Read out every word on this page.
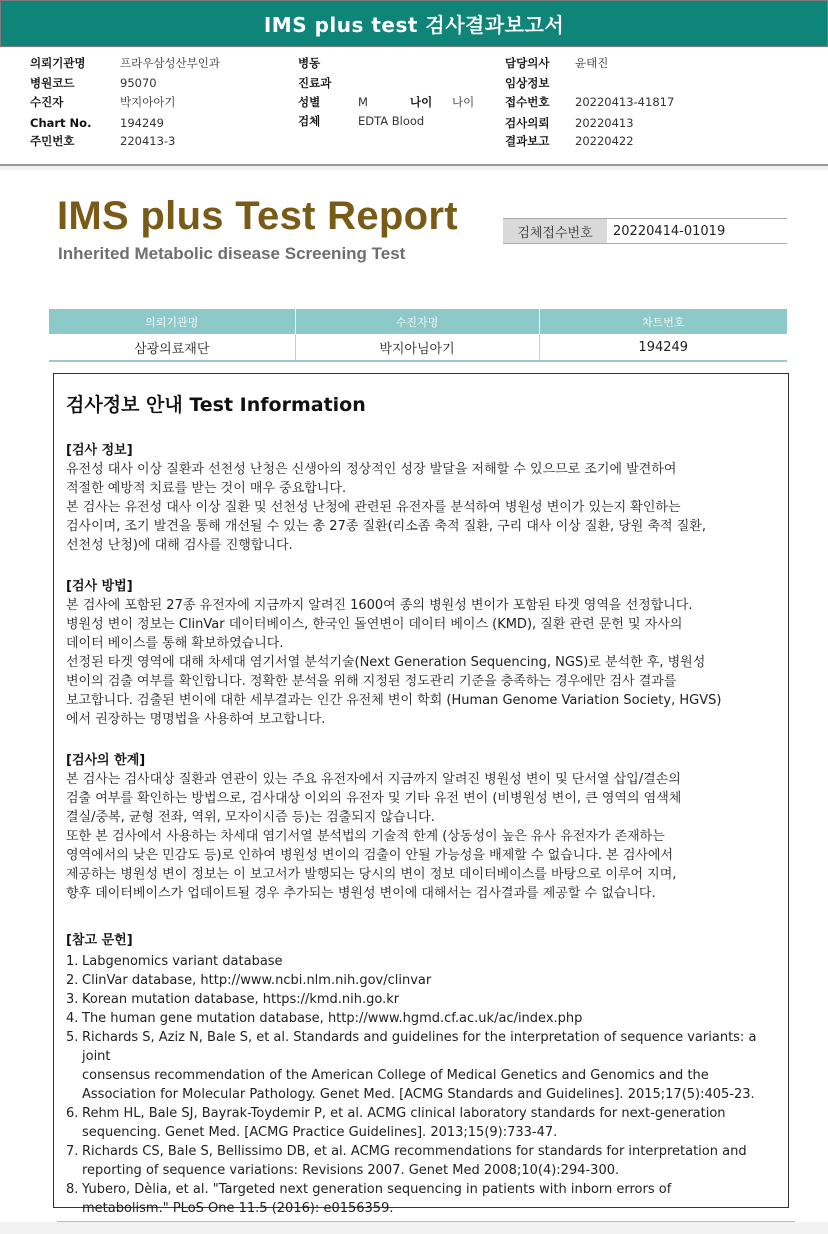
IMS plus test 검사결과보고서
의뢰기관명	프라우삼성산부인과
병원코드	95070
수진자	박지아아기
Chart No.	194249
주민번호	220413-3
병동
진료과
성별	M	나이	나이
검체	EDTA Blood
담당의사	윤태진
임상정보
접수번호	20220413-41817
검사의뢰	20220413
결과보고	20220422
IMS plus Test Report
Inherited Metabolic disease Screening Test
검체접수번호	20220414-01019
의뢰기관명	수진자명	차트번호
삼광의료재단	박지아님아기	194249
검사정보 안내 Test Information
[검사 정보]
유전성 대사 이상 질환과 선천성 난청은 신생아의 정상적인 성장 발달을 저해할 수 있으므로 조기에 발견하여
적절한 예방적 치료를 받는 것이 매우 중요합니다.
본 검사는 유전성 대사 이상 질환 및 선천성 난청에 관련된 유전자를 분석하여 병원성 변이가 있는지 확인하는
검사이며, 조기 발견을 통해 개선될 수 있는 총 27종 질환(리소좀 축적 질환, 구리 대사 이상 질환, 당원 축적 질환,
선천성 난청)에 대해 검사를 진행합니다.
[검사 방법]
본 검사에 포함된 27종 유전자에 지금까지 알려진 1600여 종의 병원성 변이가 포함된 타겟 영역을 선정합니다.
병원성 변이 정보는 ClinVar 데이터베이스, 한국인 돌연변이 데이터 베이스 (KMD), 질환 관련 문헌 및 자사의
데이터 베이스를 통해 확보하였습니다.
선정된 타겟 영역에 대해 차세대 염기서열 분석기술(Next Generation Sequencing, NGS)로 분석한 후, 병원성
변이의 검출 여부를 확인합니다. 정확한 분석을 위해 지정된 정도관리 기준을 충족하는 경우에만 검사 결과를
보고합니다. 검출된 변이에 대한 세부결과는 인간 유전체 변이 학회 (Human Genome Variation Society, HGVS)
에서 권장하는 명명법을 사용하여 보고합니다.
[검사의 한계]
본 검사는 검사대상 질환과 연관이 있는 주요 유전자에서 지금까지 알려진 병원성 변이 및 단서열 삽입/결손의
검출 여부를 확인하는 방법으로, 검사대상 이외의 유전자 및 기타 유전 변이 (비병원성 변이, 큰 영역의 염색체
결실/중복, 균형 전좌, 역위, 모자이시즘 등)는 검출되지 않습니다.
또한 본 검사에서 사용하는 차세대 염기서열 분석법의 기술적 한계 (상동성이 높은 유사 유전자가 존재하는
영역에서의 낮은 민감도 등)로 인하여 병원성 변이의 검출이 안될 가능성을 배제할 수 없습니다. 본 검사에서
제공하는 병원성 변이 정보는 이 보고서가 발행되는 당시의 변이 정보 데이터베이스를 바탕으로 이루어 지며,
향후 데이터베이스가 업데이트될 경우 추가되는 병원성 변이에 대해서는 검사결과를 제공할 수 없습니다.
[참고 문헌]
1. Labgenomics variant database
2. ClinVar database, http://www.ncbi.nlm.nih.gov/clinvar
3. Korean mutation database, https://kmd.nih.go.kr
4. The human gene mutation database, http://www.hgmd.cf.ac.uk/ac/index.php
5. Richards S, Aziz N, Bale S, et al. Standards and guidelines for the interpretation of sequence variants: a joint
consensus recommendation of the American College of Medical Genetics and Genomics and the
Association for Molecular Pathology. Genet Med. [ACMG Standards and Guidelines]. 2015;17(5):405-23.
6. Rehm HL, Bale SJ, Bayrak-Toydemir P, et al. ACMG clinical laboratory standards for next-generation
sequencing. Genet Med. [ACMG Practice Guidelines]. 2013;15(9):733-47.
7. Richards CS, Bale S, Bellissimo DB, et al. ACMG recommendations for standards for interpretation and
reporting of sequence variations: Revisions 2007. Genet Med 2008;10(4):294-300.
8. Yubero, Dèlia, et al. "Targeted next generation sequencing in patients with inborn errors of
metabolism." PLoS One 11.5 (2016): e0156359.
